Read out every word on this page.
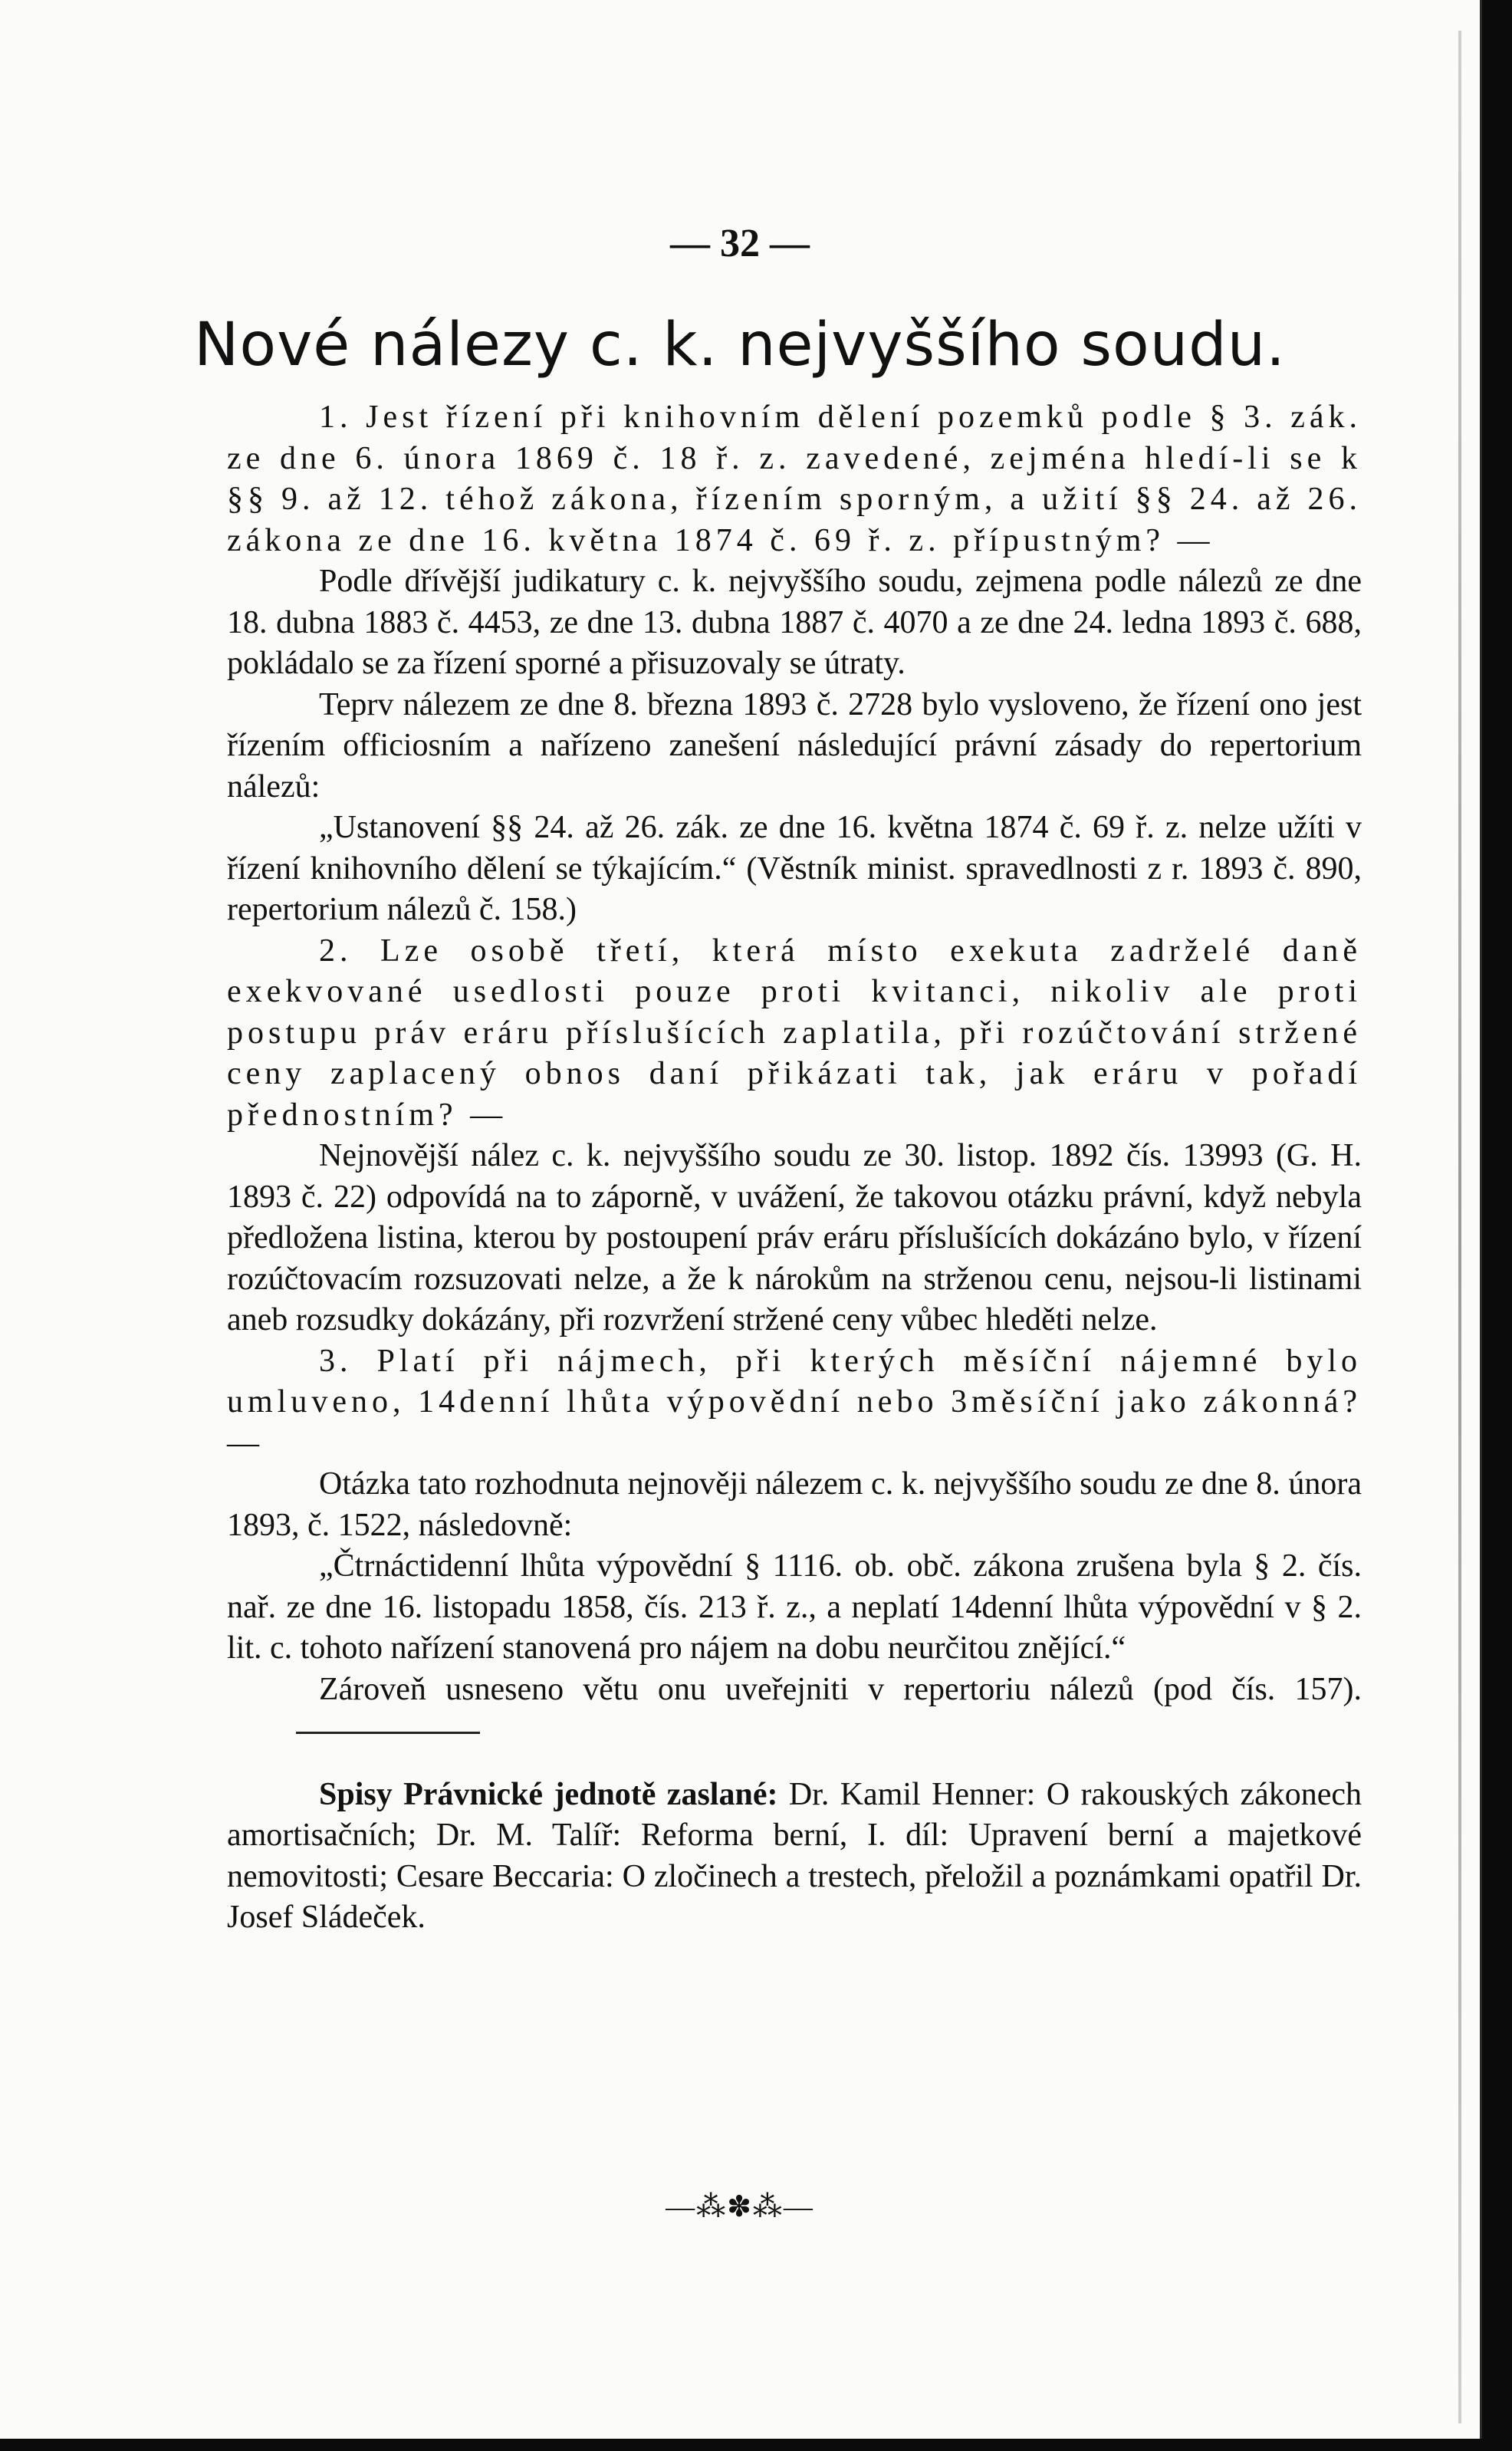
— 32 —
Nové nálezy c. k. nejvyššího soudu.

1. Jest řízení při knihovním dělení pozemků podle § 3. zák. ze dne 6. února 1869 č. 18 ř. z. zavedené, zejména hledí-li se k §§ 9. až 12. téhož zákona, řízením sporným, a užití §§ 24. až 26. zákona ze dne 16. května 1874 č. 69 ř. z. přípustným? —

Podle dřívější judikatury c. k. nejvyššího soudu, zejmena podle nálezů ze dne 18. dubna 1883 č. 4453, ze dne 13. dubna 1887 č. 4070 a ze dne 24. ledna 1893 č. 688, pokládalo se za řízení sporné a přisuzovaly se útraty.

Teprv nálezem ze dne 8. března 1893 č. 2728 bylo vysloveno, že řízení ono jest řízením officiosním a nařízeno zanešení následující právní zásady do repertorium nálezů:

„Ustanovení §§ 24. až 26. zák. ze dne 16. května 1874 č. 69 ř. z. nelze užíti v řízení knihovního dělení se týkajícím.“ (Věstník minist. spravedlnosti z r. 1893 č. 890, repertorium nálezů č. 158.)

2. Lze osobě třetí, která místo exekuta zadrželé daně exekvované usedlosti pouze proti kvitanci, nikoliv ale proti postupu práv eráru příslušících zaplatila, při rozúčtování stržené ceny zaplacený obnos daní přikázati tak, jak eráru v pořadí přednostním? —

Nejnovější nález c. k. nejvyššího soudu ze 30. listop. 1892 čís. 13993 (G. H. 1893 č. 22) odpovídá na to záporně, v uvážení, že takovou otázku právní, když nebyla předložena listina, kterou by postoupení práv eráru příslušících dokázáno bylo, v řízení rozúčtovacím rozsuzovati nelze, a že k nárokům na strženou cenu, nejsou-li listinami aneb rozsudky dokázány, při rozvržení stržené ceny vůbec hleděti nelze.

3. Platí při nájmech, při kterých měsíční nájemné bylo umluveno, 14denní lhůta výpovědní nebo 3měsíční jako zákonná? —

Otázka tato rozhodnuta nejnověji nálezem c. k. nejvyššího soudu ze dne 8. února 1893, č. 1522, následovně:

„Čtrnáctidenní lhůta výpovědní § 1116. ob. obč. zákona zrušena byla § 2. čís. nař. ze dne 16. listopadu 1858, čís. 213 ř. z., a neplatí 14denní lhůta výpovědní v § 2. lit. c. tohoto nařízení stanovená pro nájem na dobu neurčitou znějící.“

Zároveň usneseno větu onu uveřejniti v repertoriu nálezů (pod čís. 157).

Spisy Právnické jednotě zaslané: Dr. Kamil Henner: O rakouských zákonech amortisačních; Dr. M. Talíř: Reforma berní, I. díl: Upravení berní a majetkové nemovitosti; Cesare Beccaria: O zločinech a trestech, přeložil a poznámkami opatřil Dr. Josef Sládeček.

—⁂✽⁂—
